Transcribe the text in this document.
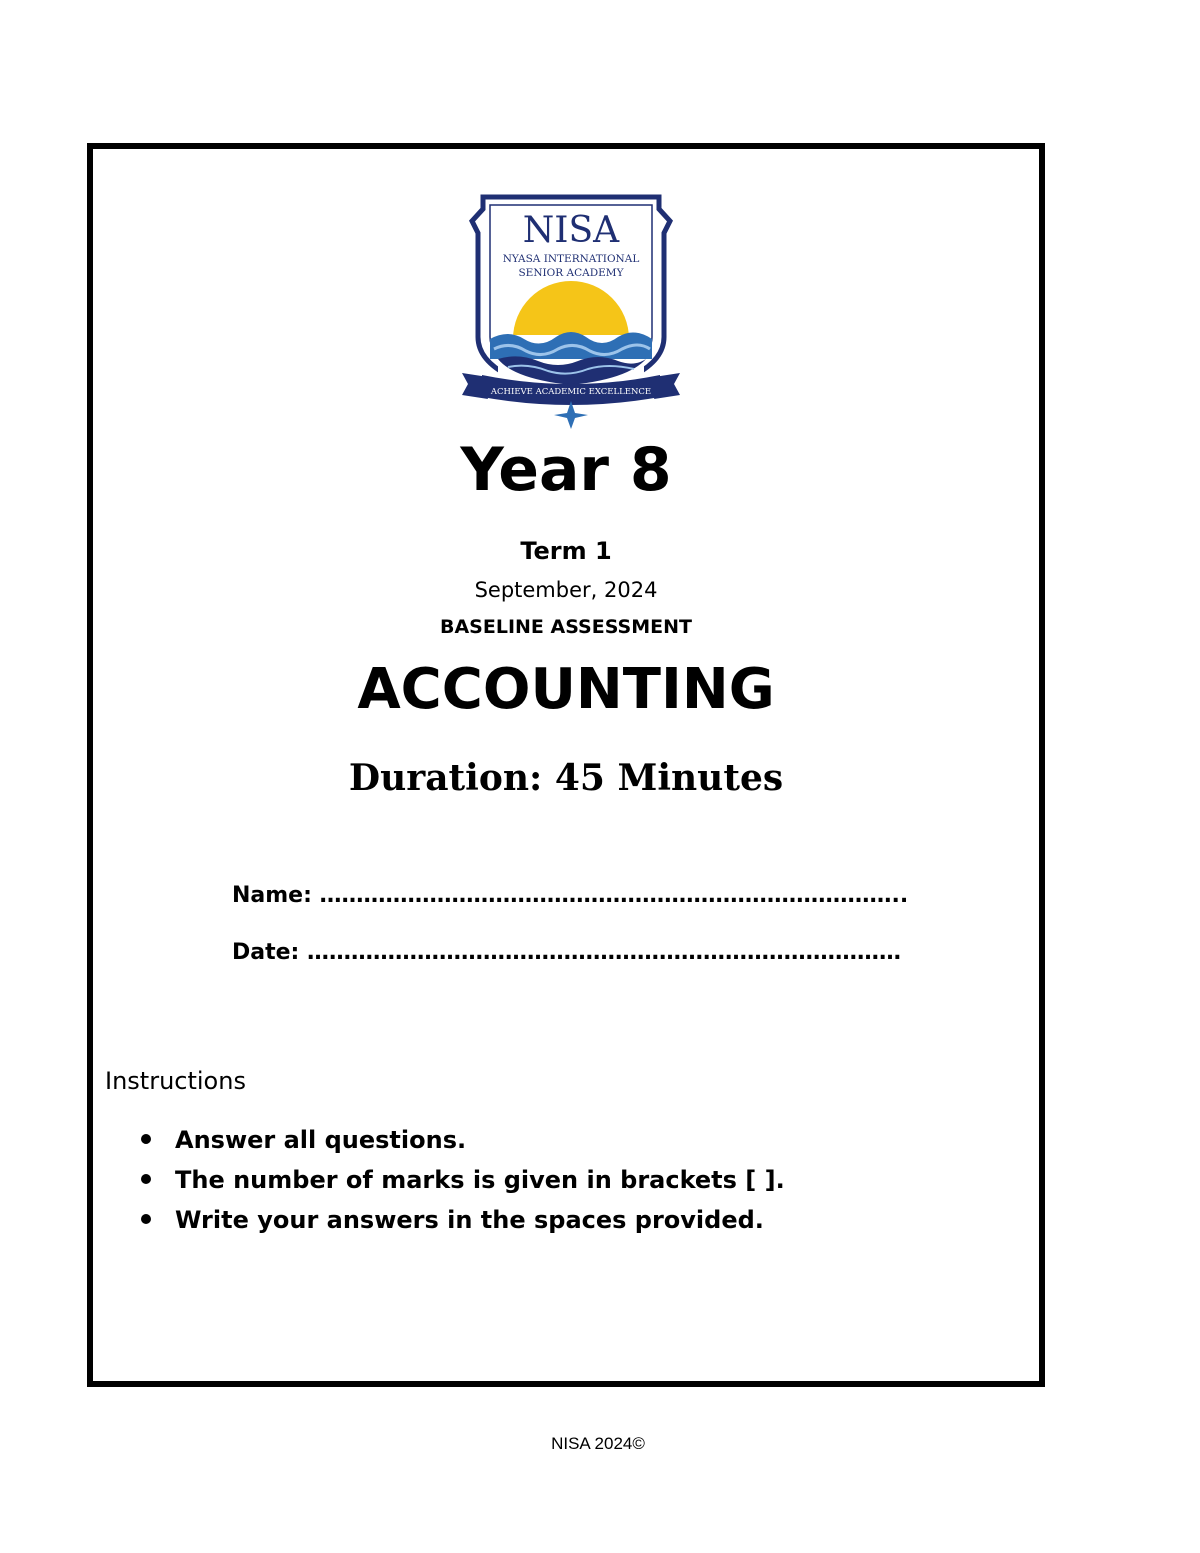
NISA
NYASA INTERNATIONAL
SENIOR ACADEMY
ACHIEVE ACADEMIC EXCELLENCE
Year 8
Term 1
September, 2024
BASELINE ASSESSMENT
ACCOUNTING
Duration: 45 Minutes
Name: ……………………………………………………………………..
Date: ………………………………………………………………………
Instructions
Answer all questions.
The number of marks is given in brackets [ ].
Write your answers in the spaces provided.
NISA 2024©
